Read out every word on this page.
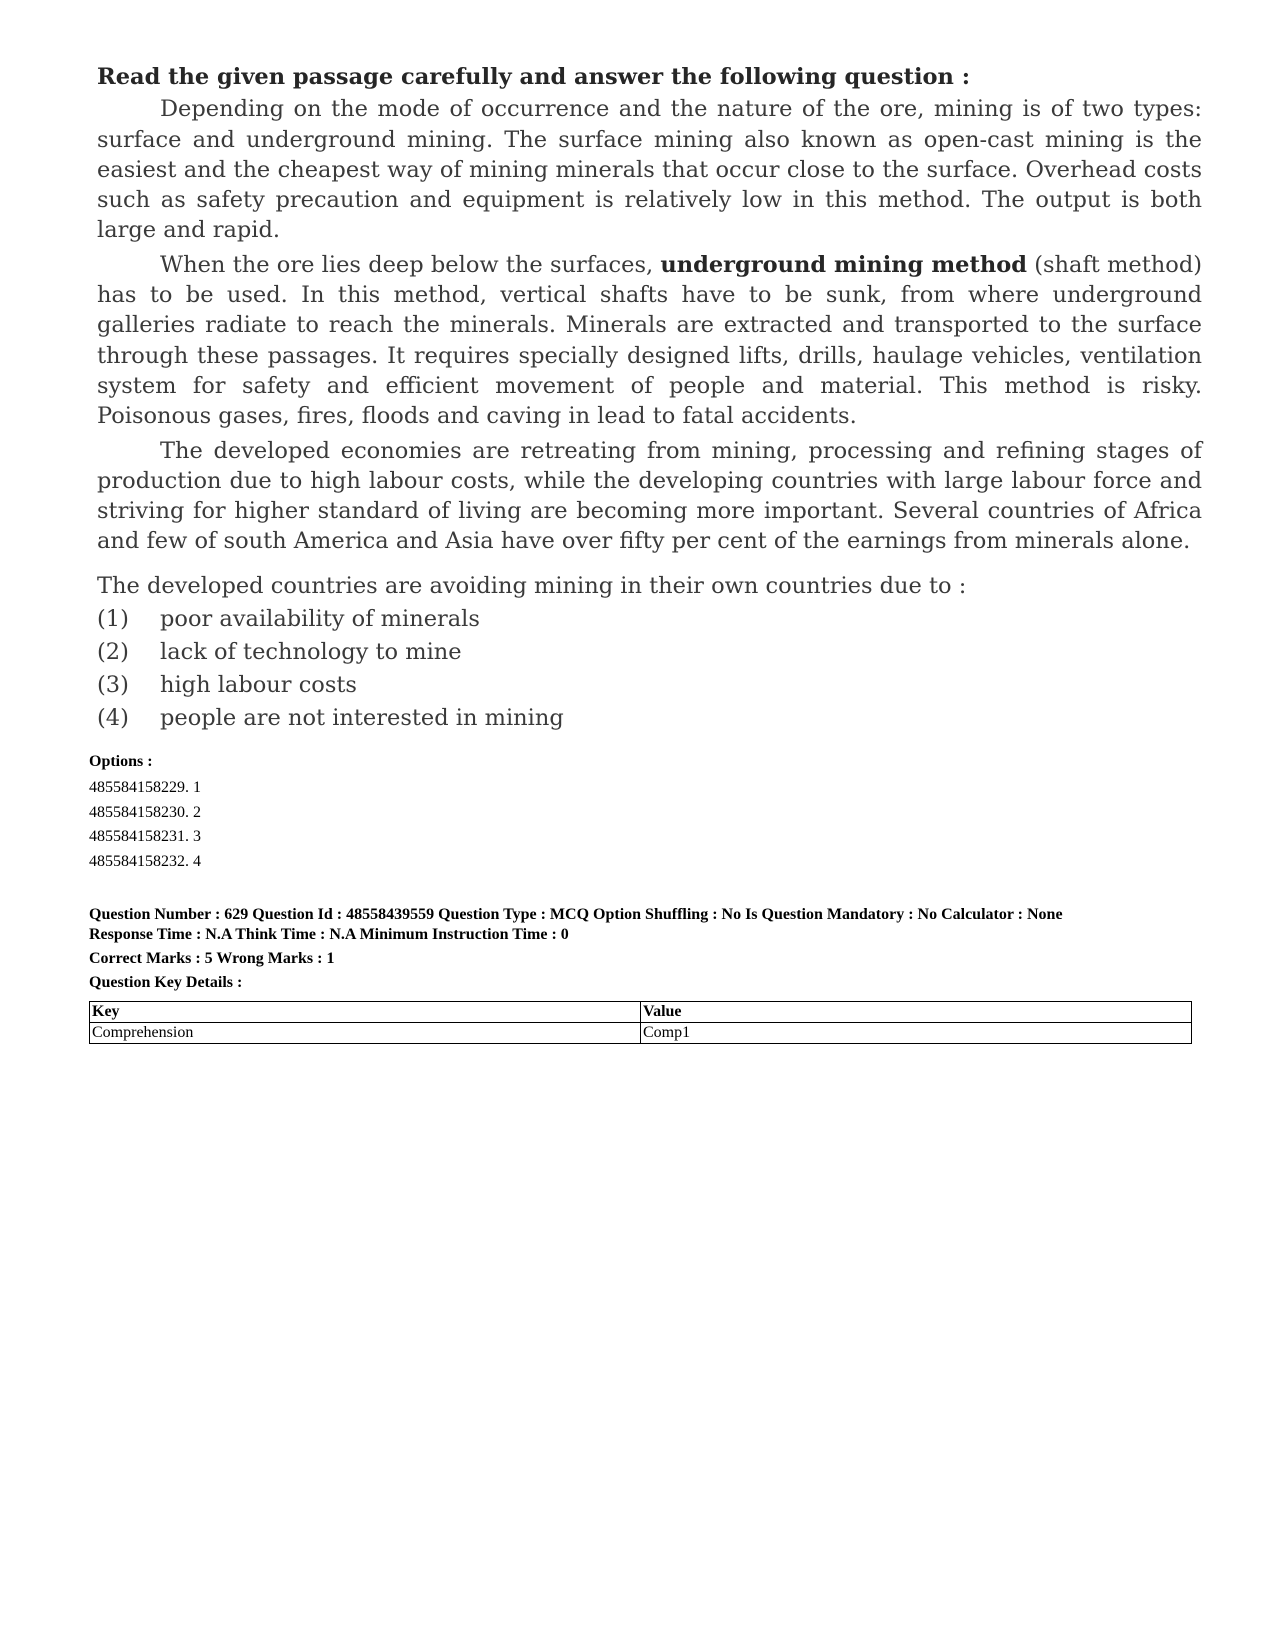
Read the given passage carefully and answer the following question :

Depending on the mode of occurrence and the nature of the ore, mining is of two types: surface and underground mining. The surface mining also known as open-cast mining is the easiest and the cheapest way of mining minerals that occur close to the surface. Overhead costs such as safety precaution and equipment is relatively low in this method. The output is both large and rapid.

When the ore lies deep below the surfaces, underground mining method (shaft method) has to be used. In this method, vertical shafts have to be sunk, from where underground galleries radiate to reach the minerals. Minerals are extracted and transported to the surface through these passages. It requires specially designed lifts, drills, haulage vehicles, ventilation system for safety and efficient movement of people and material. This method is risky. Poisonous gases, fires, floods and caving in lead to fatal accidents.

The developed economies are retreating from mining, processing and refining stages of production due to high labour costs, while the developing countries with large labour force and striving for higher standard of living are becoming more important. Several countries of Africa and few of south America and Asia have over fifty per cent of the earnings from minerals alone.

The developed countries are avoiding mining in their own countries due to :
(1)	poor availability of minerals
(2)	lack of technology to mine
(3)	high labour costs
(4)	people are not interested in mining
Options :
485584158229. 1
485584158230. 2
485584158231. 3
485584158232. 4
Question Number : 629 Question Id : 48558439559 Question Type : MCQ Option Shuffling : No Is Question Mandatory : No Calculator : None
Response Time : N.A Think Time : N.A Minimum Instruction Time : 0
Correct Marks : 5 Wrong Marks : 1
Question Key Details :
Key	Value
Comprehension	Comp1
